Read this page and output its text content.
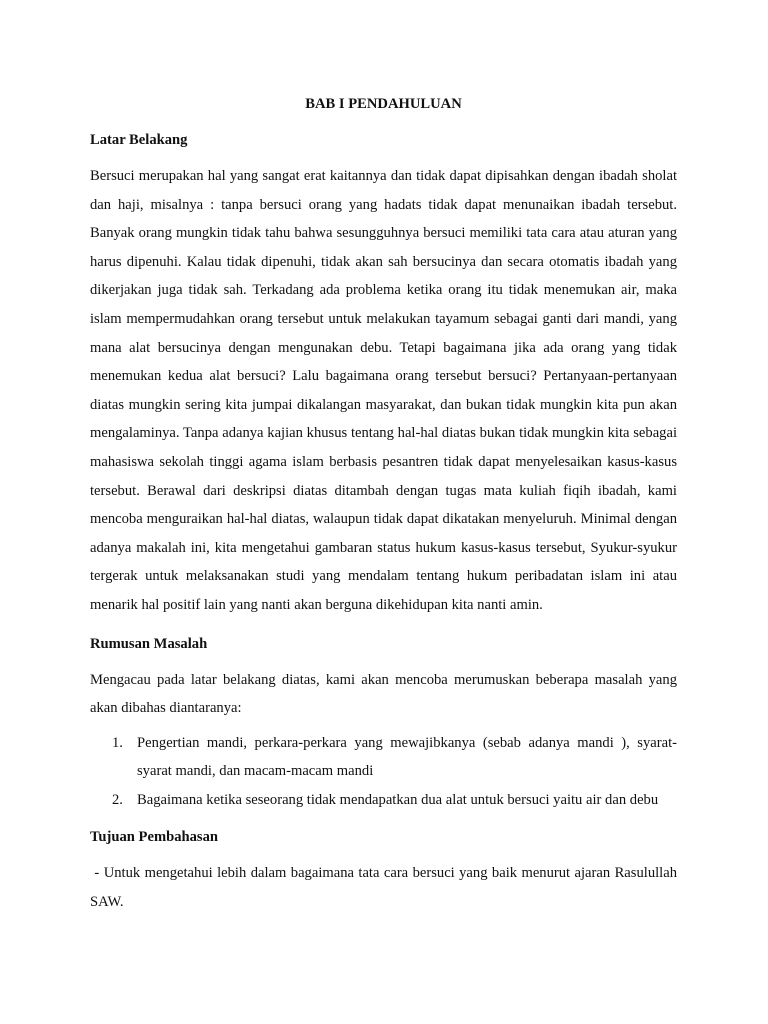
BAB I PENDAHULUAN
Latar Belakang

Bersuci merupakan hal yang sangat erat kaitannya dan tidak dapat dipisahkan dengan ibadah sholat dan haji, misalnya : tanpa bersuci orang yang hadats tidak dapat menunaikan ibadah tersebut. Banyak orang mungkin tidak tahu bahwa sesungguhnya bersuci memiliki tata cara atau aturan yang harus dipenuhi. Kalau tidak dipenuhi, tidak akan sah bersucinya dan secara otomatis ibadah yang dikerjakan juga tidak sah. Terkadang ada problema ketika orang itu tidak menemukan air, maka islam mempermudahkan orang tersebut untuk melakukan tayamum sebagai ganti dari mandi, yang mana alat bersucinya dengan mengunakan debu. Tetapi bagaimana jika ada orang yang tidak menemukan kedua alat bersuci? Lalu bagaimana orang tersebut bersuci? Pertanyaan-pertanyaan diatas mungkin sering kita jumpai dikalangan masyarakat, dan bukan tidak mungkin kita pun akan mengalaminya. Tanpa adanya kajian khusus tentang hal-hal diatas bukan tidak mungkin kita sebagai mahasiswa sekolah tinggi agama islam berbasis pesantren tidak dapat menyelesaikan kasus-kasus tersebut. Berawal dari deskripsi diatas ditambah dengan tugas mata kuliah fiqih ibadah, kami mencoba menguraikan hal-hal diatas, walaupun tidak dapat dikatakan menyeluruh. Minimal dengan adanya makalah ini, kita mengetahui gambaran status hukum kasus-kasus tersebut, Syukur-syukur tergerak untuk melaksanakan studi yang mendalam tentang hukum peribadatan islam ini atau menarik hal positif lain yang nanti akan berguna dikehidupan kita nanti amin.

Rumusan Masalah

Mengacau pada latar belakang diatas, kami akan mencoba merumuskan beberapa masalah yang akan dibahas diantaranya:

1. Pengertian mandi, perkara-perkara yang mewajibkanya (sebab adanya mandi ), syarat-syarat mandi, dan macam-macam mandi
2. Bagaimana ketika seseorang tidak mendapatkan dua alat untuk bersuci yaitu air dan debu
Tujuan Pembahasan

- Untuk mengetahui lebih dalam bagaimana tata cara bersuci yang baik menurut ajaran Rasulullah SAW.
